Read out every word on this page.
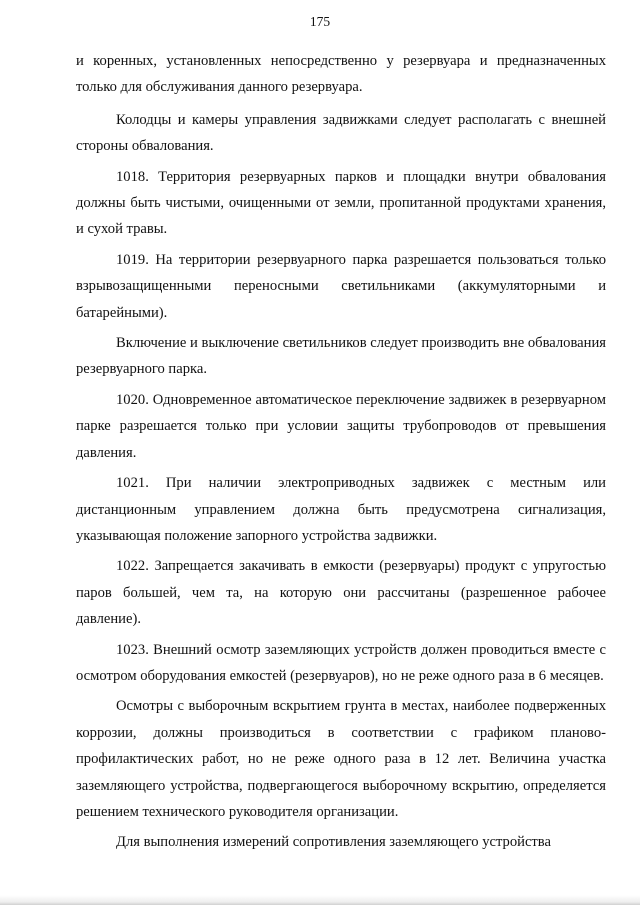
175

и коренных, установленных непосредственно у резервуара и предназначенных только для обслуживания данного резервуара.

Колодцы и камеры управления задвижками следует располагать с внешней стороны обвалования.

1018. Территория резервуарных парков и площадки внутри обвалования должны быть чистыми, очищенными от земли, пропитанной продуктами хранения, и сухой травы.

1019. На территории резервуарного парка разрешается пользоваться только взрывозащищенными переносными светильниками (аккумуляторными и батарейными).

Включение и выключение светильников следует производить вне обвалования резервуарного парка.

1020. Одновременное автоматическое переключение задвижек в резервуарном парке разрешается только при условии защиты трубопроводов от превышения давления.

1021. При наличии электроприводных задвижек с местным или дистанционным управлением должна быть предусмотрена сигнализация, указывающая положение запорного устройства задвижки.

1022. Запрещается закачивать в емкости (резервуары) продукт с упругостью паров большей, чем та, на которую они рассчитаны (разрешенное рабочее давление).

1023. Внешний осмотр заземляющих устройств должен проводиться вместе с осмотром оборудования емкостей (резервуаров), но не реже одного раза в 6 месяцев.

Осмотры с выборочным вскрытием грунта в местах, наиболее подверженных коррозии, должны производиться в соответствии с графиком планово-профилактических работ, но не реже одного раза в 12 лет. Величина участка заземляющего устройства, подвергающегося выборочному вскрытию, определяется решением технического руководителя организации.

Для выполнения измерений сопротивления заземляющего устройства
